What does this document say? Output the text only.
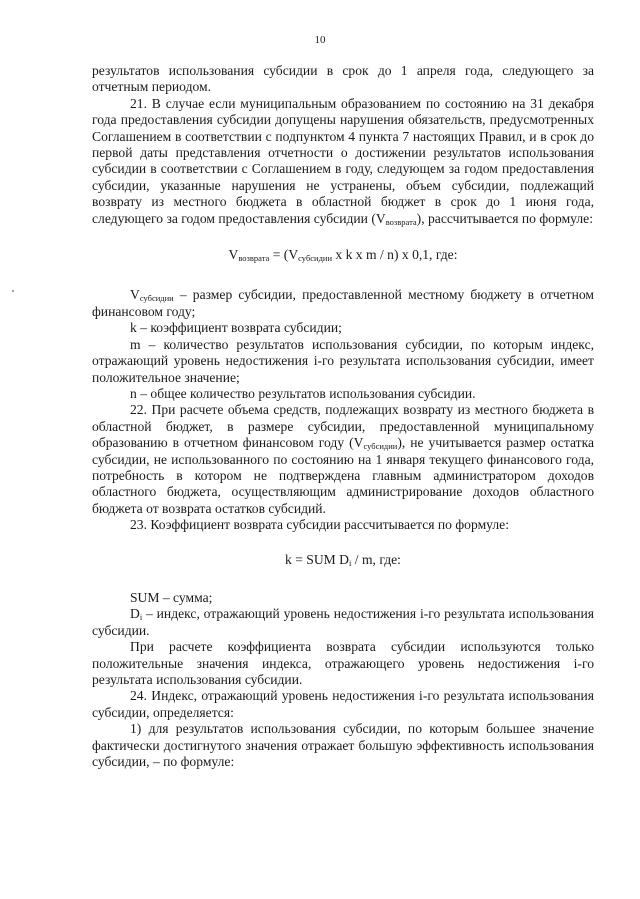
10

результатов использования субсидии в срок до 1 апреля года, следующего за отчетным периодом.

21. В случае если муниципальным образованием по состоянию на 31 декабря года предоставления субсидии допущены нарушения обязательств, предусмотренных Соглашением в соответствии с подпунктом 4 пункта 7 настоящих Правил, и в срок до первой даты представления отчетности о достижении результатов использования субсидии в соответствии с Соглашением в году, следующем за годом предоставления субсидии, указанные нарушения не устранены, объем субсидии, подлежащий возврату из местного бюджета в областной бюджет в срок до 1 июня года, следующего за годом предоставления субсидии $(V_{возврата})$, рассчитывается по формуле:

$V_{возврата} = (V_{субсидии}$ x k x m / n) x 0,1, где:

$V_{субсидии}$ – размер субсидии, предоставленной местному бюджету в отчетном финансовом году;

k – коэффициент возврата субсидии;

m – количество результатов использования субсидии, по которым индекс, отражающий уровень недостижения i-го результата использования субсидии, имеет положительное значение;

n – общее количество результатов использования субсидии.

22. При расчете объема средств, подлежащих возврату из местного бюджета в областной бюджет, в размере субсидии, предоставленной муниципальному образованию в отчетном финансовом году $(V_{субсидии})$, не учитывается размер остатка субсидии, не использованного по состоянию на 1 января текущего финансового года, потребность в котором не подтверждена главным администратором доходов областного бюджета, осуществляющим администрирование доходов областного бюджета от возврата остатков субсидий.

23. Коэффициент возврата субсидии рассчитывается по формуле:

k = SUM $D_i$ / m, где:

SUM – сумма;

$D_i$ – индекс, отражающий уровень недостижения i-го результата использования субсидии.

При расчете коэффициента возврата субсидии используются только положительные значения индекса, отражающего уровень недостижения i-го результата использования субсидии.

24. Индекс, отражающий уровень недостижения i-го результата использования субсидии, определяется:

1) для результатов использования субсидии, по которым большее значение фактически достигнутого значения отражает большую эффективность использования субсидии, – по формуле:
